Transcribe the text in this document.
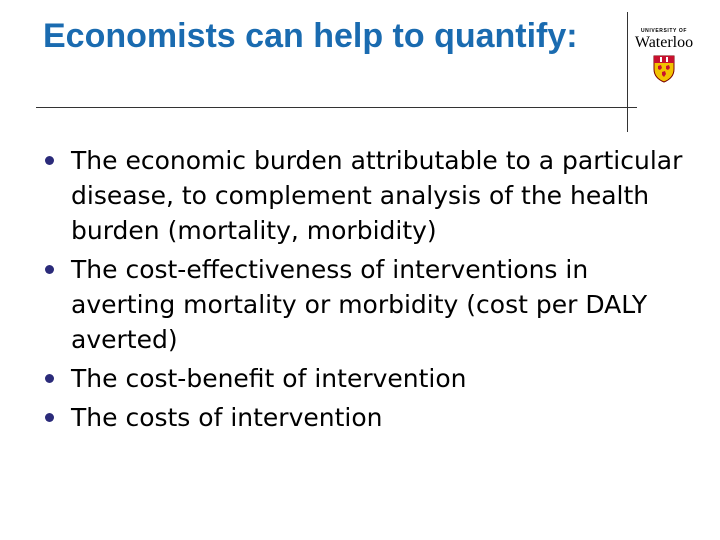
Economists can help to quantify:	UNIVERSITY OF
Waterloo
The economic burden attributable to a particular disease, to complement analysis of the health burden (mortality, morbidity)
The cost-effectiveness of interventions in averting mortality or morbidity (cost per DALY averted)
The cost-benefit of intervention
The costs of intervention
